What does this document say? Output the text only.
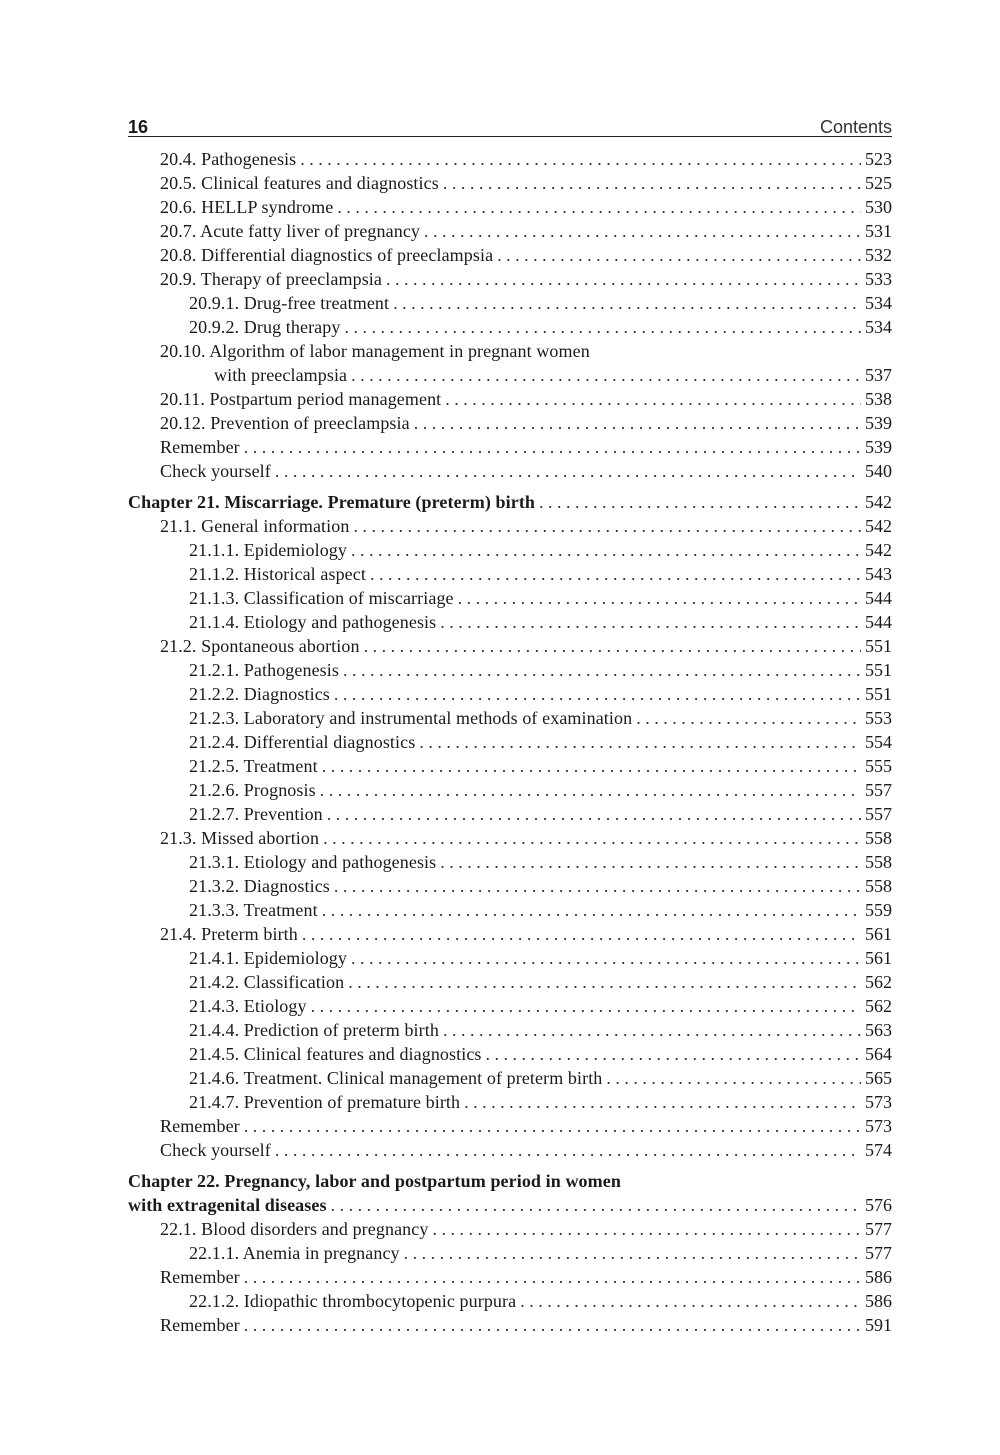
16	Contents
20.4. Pathogenesis . . .	523
20.5. Clinical features and diagnostics . . .	525
20.6. HELLP syndrome . . .	530
20.7. Acute fatty liver of pregnancy . . .	531
20.8. Differential diagnostics of preeclampsia . . .	532
20.9. Therapy of preeclampsia . . .	533
20.9.1. Drug-free treatment . . .	534
20.9.2. Drug therapy . . .	534
20.10. Algorithm of labor management in pregnant women
with preeclampsia . . .	537
20.11. Postpartum period management . . .	538
20.12. Prevention of preeclampsia . . .	539
Remember . . .	539
Check yourself . . .	540
Chapter 21. Miscarriage. Premature (preterm) birth . . .	542
21.1. General information . . .	542
21.1.1. Epidemiology . . .	542
21.1.2. Historical aspect . . .	543
21.1.3. Classification of miscarriage . . .	544
21.1.4. Etiology and pathogenesis . . .	544
21.2. Spontaneous abortion . . .	551
21.2.1. Pathogenesis . . .	551
21.2.2. Diagnostics . . .	551
21.2.3. Laboratory and instrumental methods of examination . . .	553
21.2.4. Differential diagnostics . . .	554
21.2.5. Treatment . . .	555
21.2.6. Prognosis . . .	557
21.2.7. Prevention . . .	557
21.3. Missed abortion . . .	558
21.3.1. Etiology and pathogenesis . . .	558
21.3.2. Diagnostics . . .	558
21.3.3. Treatment . . .	559
21.4. Preterm birth . . .	561
21.4.1. Epidemiology . . .	561
21.4.2. Classification . . .	562
21.4.3. Etiology . . .	562
21.4.4. Prediction of preterm birth . . .	563
21.4.5. Clinical features and diagnostics . . .	564
21.4.6. Treatment. Clinical management of preterm birth . . .	565
21.4.7. Prevention of premature birth . . .	573
Remember . . .	573
Check yourself . . .	574
Chapter 22. Pregnancy, labor and postpartum period in women
with extragenital diseases . . .	576
22.1. Blood disorders and pregnancy . . .	577
22.1.1. Anemia in pregnancy . . .	577
Remember . . .	586
22.1.2. Idiopathic thrombocytopenic purpura . . .	586
Remember . . .	591
